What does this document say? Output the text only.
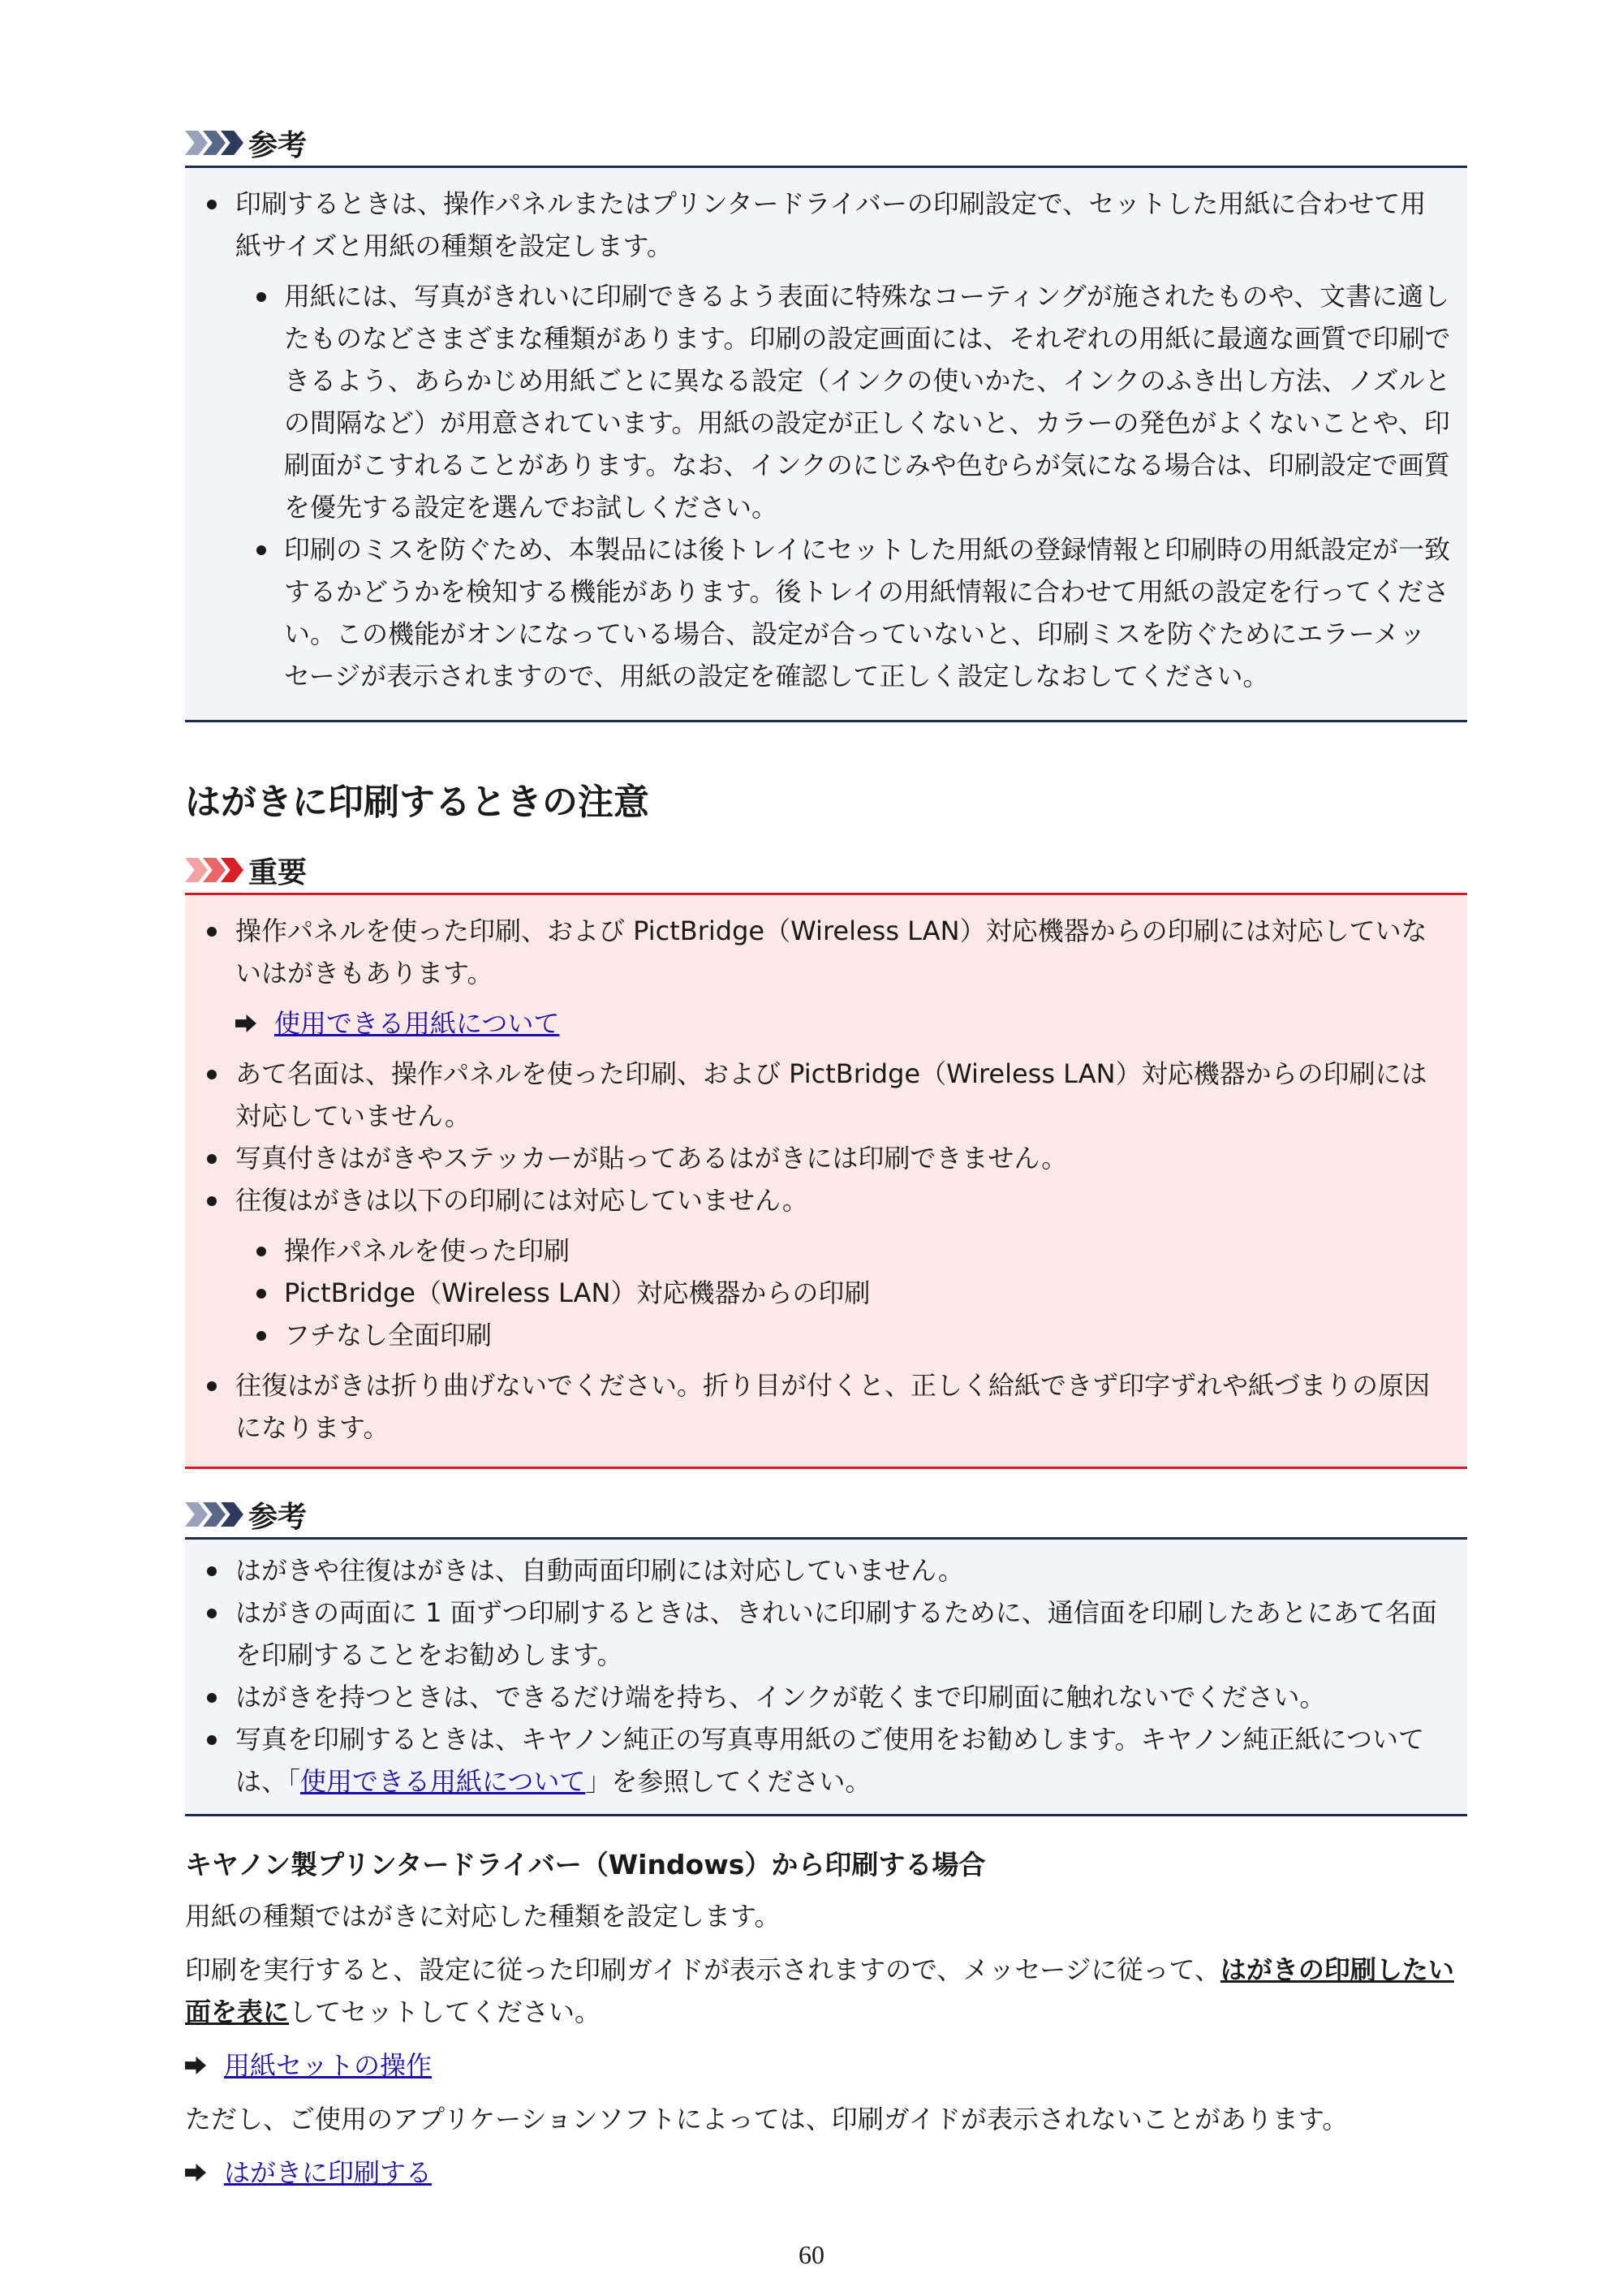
参考
印刷するときは、操作パネルまたはプリンタードライバーの印刷設定で、セットした用紙に合わせて用紙サイズと用紙の種類を設定します。
用紙には、写真がきれいに印刷できるよう表面に特殊なコーティングが施されたものや、文書に適したものなどさまざまな種類があります。印刷の設定画面には、それぞれの用紙に最適な画質で印刷できるよう、あらかじめ用紙ごとに異なる設定（インクの使いかた、インクのふき出し方法、ノズルとの間隔など）が用意されています。用紙の設定が正しくないと、カラーの発色がよくないことや、印刷面がこすれることがあります。なお、インクのにじみや色むらが気になる場合は、印刷設定で画質を優先する設定を選んでお試しください。
印刷のミスを防ぐため、本製品には後トレイにセットした用紙の登録情報と印刷時の用紙設定が一致するかどうかを検知する機能があります。後トレイの用紙情報に合わせて用紙の設定を行ってください。この機能がオンになっている場合、設定が合っていないと、印刷ミスを防ぐためにエラーメッセージが表示されますので、用紙の設定を確認して正しく設定しなおしてください。
はがきに印刷するときの注意
重要
操作パネルを使った印刷、および PictBridge（Wireless LAN）対応機器からの印刷には対応していないはがきもあります。
使用できる用紙について
あて名面は、操作パネルを使った印刷、および PictBridge（Wireless LAN）対応機器からの印刷には対応していません。
写真付きはがきやステッカーが貼ってあるはがきには印刷できません。
往復はがきは以下の印刷には対応していません。
操作パネルを使った印刷
PictBridge（Wireless LAN）対応機器からの印刷
フチなし全面印刷
往復はがきは折り曲げないでください。折り目が付くと、正しく給紙できず印字ずれや紙づまりの原因になります。
参考
はがきや往復はがきは、自動両面印刷には対応していません。
はがきの両面に 1 面ずつ印刷するときは、きれいに印刷するために、通信面を印刷したあとにあて名面を印刷することをお勧めします。
はがきを持つときは、できるだけ端を持ち、インクが乾くまで印刷面に触れないでください。
写真を印刷するときは、キヤノン純正の写真専用紙のご使用をお勧めします。キヤノン純正紙については、「使用できる用紙について」を参照してください。
キヤノン製プリンタードライバー（Windows）から印刷する場合

用紙の種類ではがきに対応した種類を設定します。

印刷を実行すると、設定に従った印刷ガイドが表示されますので、メッセージに従って、はがきの印刷したい面を表にしてセットしてください。

用紙セットの操作

ただし、ご使用のアプリケーションソフトによっては、印刷ガイドが表示されないことがあります。

はがきに印刷する
60
